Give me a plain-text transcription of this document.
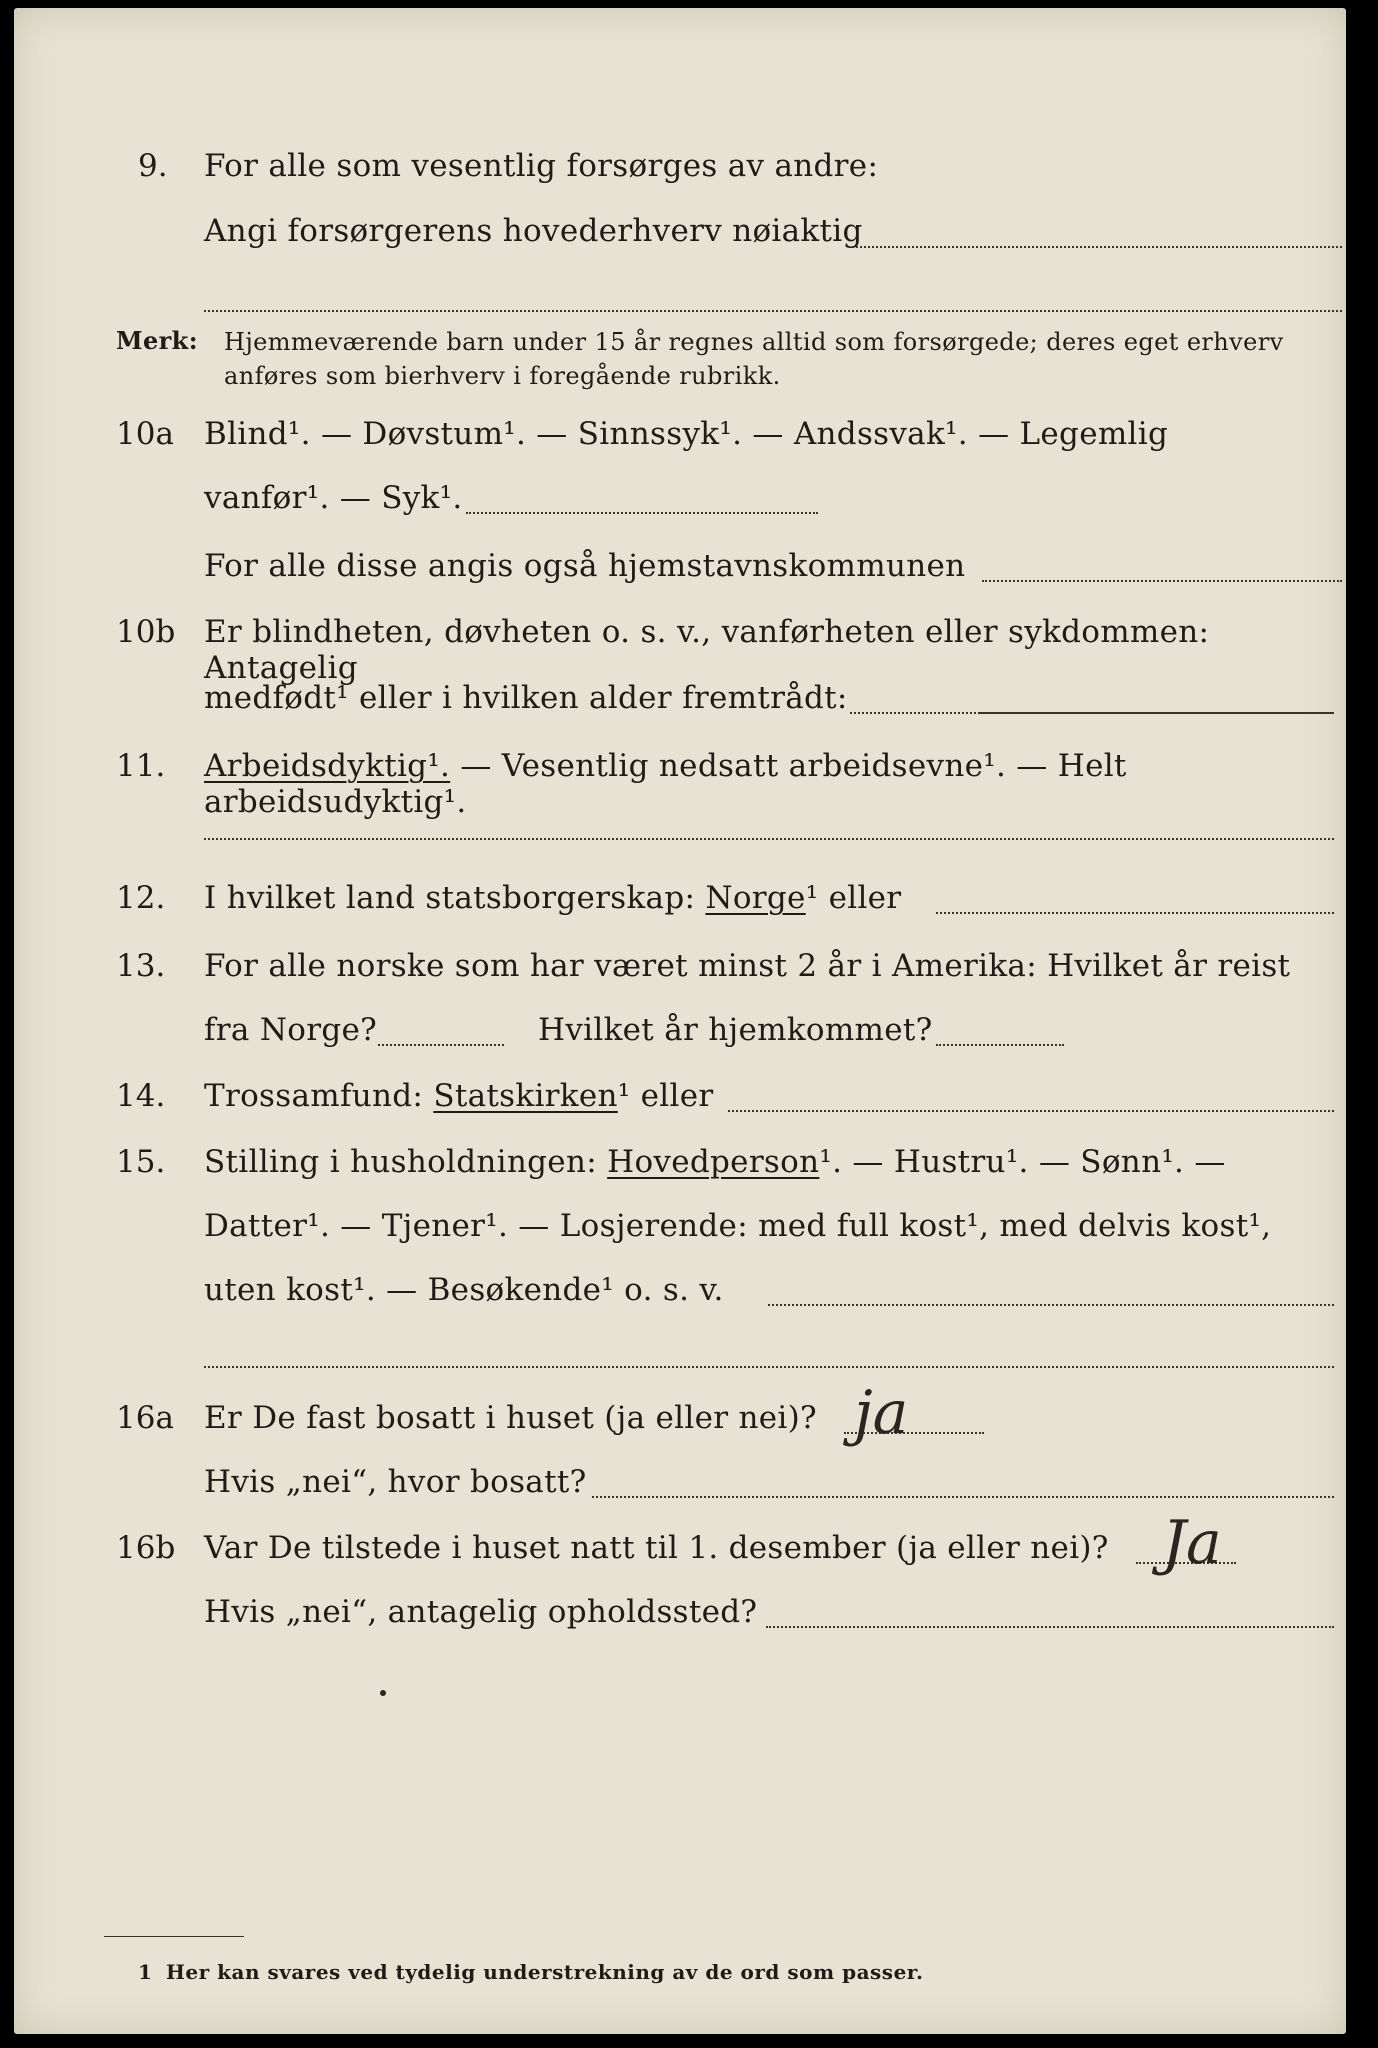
9. For alle som vesentlig forsørges av andre:
Angi forsørgerens hovederhverv nøiaktig
Merk: Hjemmeværende barn under 15 år regnes alltid som forsørgede; deres eget erhverv
anføres som bierhverv i foregående rubrikk.
10a Blind¹. — Døvstum¹. — Sinnssyk¹. — Andssvak¹. — Legemlig
vanfør¹. — Syk¹.
For alle disse angis også hjemstavnskommunen
10b Er blindheten, døvheten o. s. v., vanførheten eller sykdommen: Antagelig
medfødt¹ eller i hvilken alder fremtrådt:
11. Arbeidsdyktig¹. — Vesentlig nedsatt arbeidsevne¹. — Helt arbeidsudyktig¹.
12. I hvilket land statsborgerskap: Norge¹ eller
13. For alle norske som har været minst 2 år i Amerika: Hvilket år reist
fra Norge?	Hvilket år hjemkommet?
14. Trossamfund: Statskirken¹ eller
15. Stilling i husholdningen: Hovedperson¹. — Hustru¹. — Sønn¹. —
Datter¹. — Tjener¹. — Losjerende: med full kost¹, med delvis kost¹,
uten kost¹. — Besøkende¹ o. s. v.
16a Er De fast bosatt i huset (ja eller nei)? ja
Hvis „nei“, hvor bosatt?
16b Var De tilstede i huset natt til 1. desember (ja eller nei)? Ja
Hvis „nei“, antagelig opholdssted?
1 Her kan svares ved tydelig understrekning av de ord som passer.
